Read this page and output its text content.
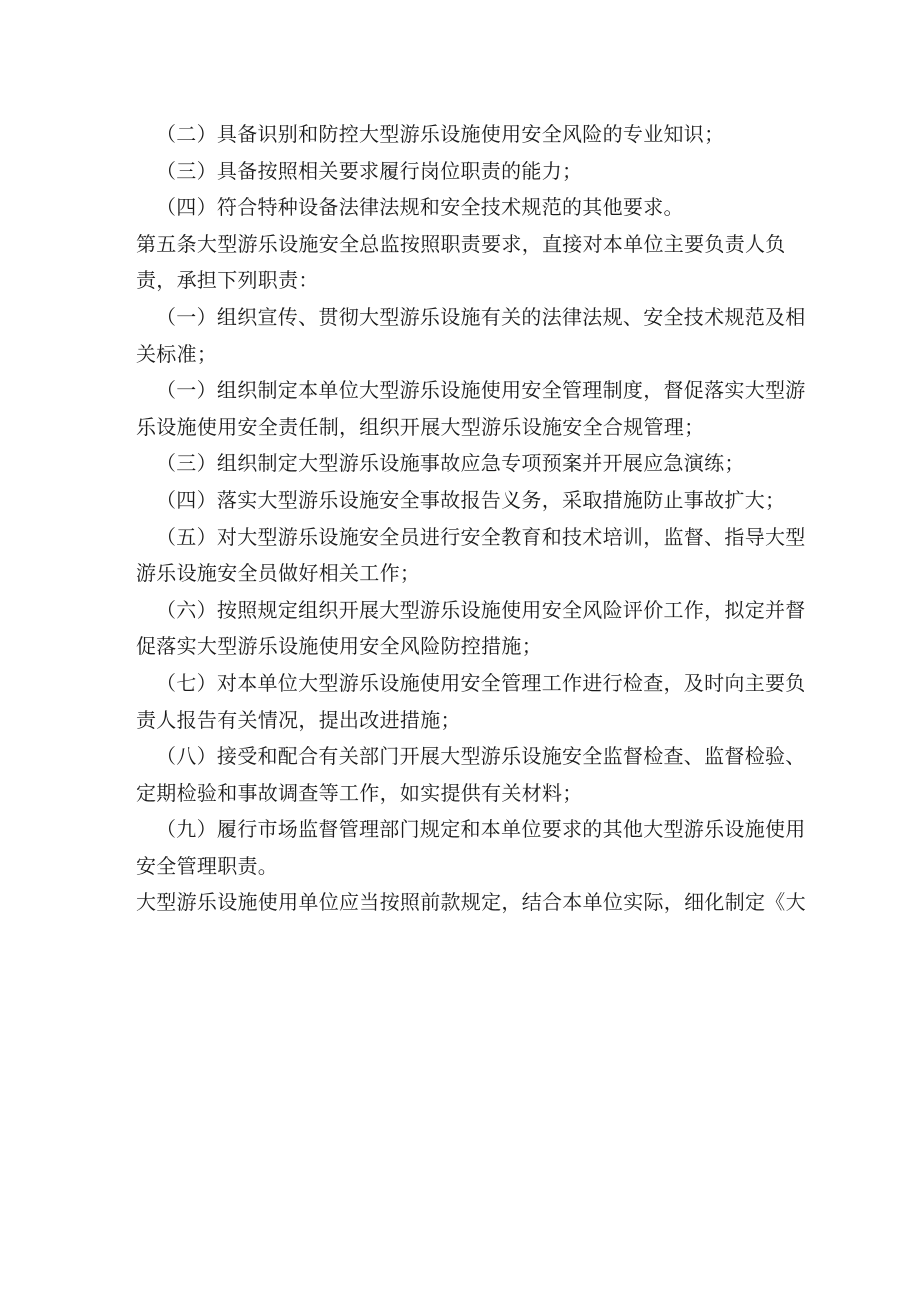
（二）具备识别和防控大型游乐设施使用安全风险的专业知识；
（三）具备按照相关要求履行岗位职责的能力；
（四）符合特种设备法律法规和安全技术规范的其他要求。
第五条大型游乐设施安全总监按照职责要求，直接对本单位主要负责人负
责，承担下列职责：
（一）组织宣传、贯彻大型游乐设施有关的法律法规、安全技术规范及相
关标准；
（一）组织制定本单位大型游乐设施使用安全管理制度，督促落实大型游
乐设施使用安全责任制，组织开展大型游乐设施安全合规管理；
（三）组织制定大型游乐设施事故应急专项预案并开展应急演练；
（四）落实大型游乐设施安全事故报告义务，采取措施防止事故扩大；
（五）对大型游乐设施安全员进行安全教育和技术培训，监督、指导大型
游乐设施安全员做好相关工作；
（六）按照规定组织开展大型游乐设施使用安全风险评价工作，拟定并督
促落实大型游乐设施使用安全风险防控措施；
（七）对本单位大型游乐设施使用安全管理工作进行检查，及时向主要负
责人报告有关情况，提出改进措施；
（八）接受和配合有关部门开展大型游乐设施安全监督检查、监督检验、
定期检验和事故调查等工作，如实提供有关材料；
（九）履行市场监督管理部门规定和本单位要求的其他大型游乐设施使用
安全管理职责。
大型游乐设施使用单位应当按照前款规定，结合本单位实际，细化制定《大
